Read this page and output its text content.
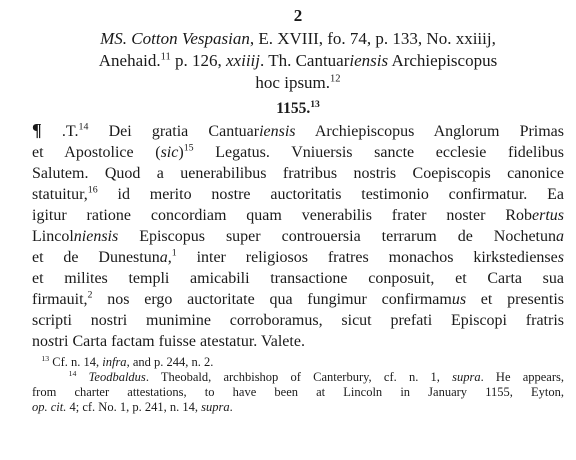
2
MS. Cotton Vespasian, E. XVIII, fo. 74, p. 133, No. xxiiij,
Anehaid.$^{11}$ p. 126, xxiiij. Th. Cantuariensis Archiepiscopus
hoc ipsum.$^{12}$
1155.13
¶ .T.$^{14}$ Dei gratia Cantuariensis Archiepiscopus Anglorum Primas
et Apostolice (sic)$^{15}$ Legatus. Vniuersis sancte ecclesie fidelibus
Salutem. Quod a uenerabilibus fratribus nostris Coepiscopis canonice
statuitur,$^{16}$ id merito nostre auctoritatis testimonio confirmatur. Ea
igitur ratione concordiam quam venerabilis frater noster Robertus
Lincolniensis Episcopus super controuersia terrarum de Nochetuna
et de Dunestuna,$^1$ inter religiosos fratres monachos kirkstedienses
et milites templi amicabili transactione conposuit, et Carta sua
firmauit,$^2$ nos ergo auctoritate qua fungimur confirmamus et presentis
scripti nostri munimine corroboramus, sicut prefati Episcopi fratris
nostri Carta factam fuisse atestatur. Valete.
$^{13}$ Cf. n. 14, infra, and p. 244, n. 2.
$^{14}$ Teodbaldus. Theobald, archbishop of Canterbury, cf. n. 1, supra. He appears,
from charter attestations, to have been at Lincoln in January 1155, Eyton,
op. cit. 4; cf. No. 1, p. 241, n. 14, supra.
